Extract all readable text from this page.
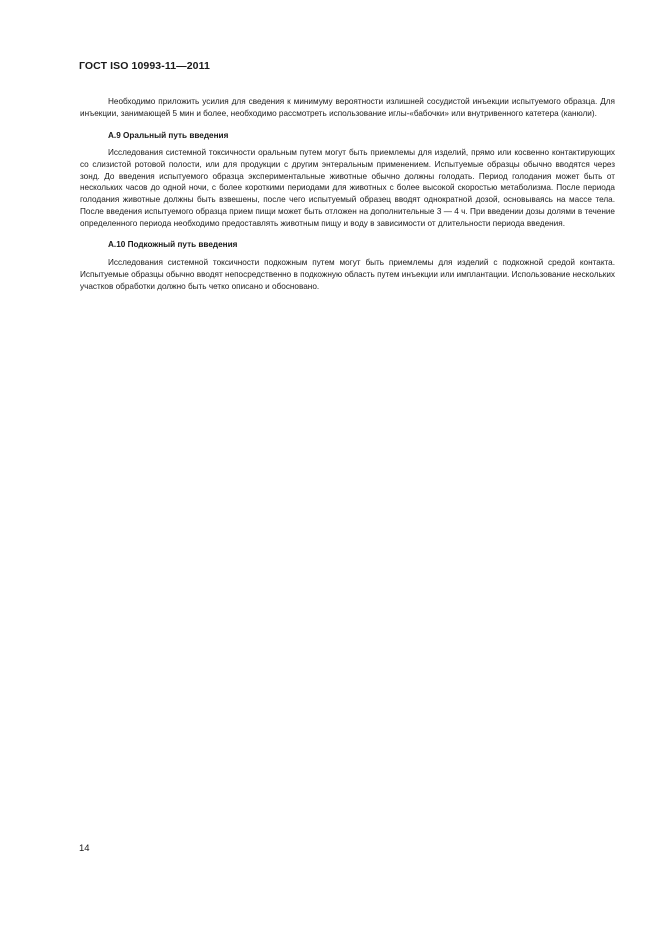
ГОСТ ISO 10993-11—2011

Необходимо приложить усилия для сведения к минимуму вероятности излишней сосудистой инъекции испытуемого образца. Для инъекции, занимающей 5 мин и более, необходимо рассмотреть использование иглы-«бабочки» или внутривенного катетера (канюли).

А.9 Оральный путь введения

Исследования системной токсичности оральным путем могут быть приемлемы для изделий, прямо или косвенно контактирующих со слизистой ротовой полости, или для продукции с другим энтеральным применением. Испытуемые образцы обычно вводятся через зонд. До введения испытуемого образца экспериментальные животные обычно должны голодать. Период голодания может быть от нескольких часов до одной ночи, с более короткими периодами для животных с более высокой скоростью метаболизма. После периода голодания животные должны быть взвешены, после чего испытуемый образец вводят однократной дозой, основываясь на массе тела. После введения испытуемого образца прием пищи может быть отложен на дополнительные 3 — 4 ч. При введении дозы долями в течение определенного периода необходимо предоставлять животным пищу и воду в зависимости от длительности периода введения.

А.10 Подкожный путь введения

Исследования системной токсичности подкожным путем могут быть приемлемы для изделий с подкожной средой контакта. Испытуемые образцы обычно вводят непосредственно в подкожную область путем инъекции или имплантации. Использование нескольких участков обработки должно быть четко описано и обосновано.

14
